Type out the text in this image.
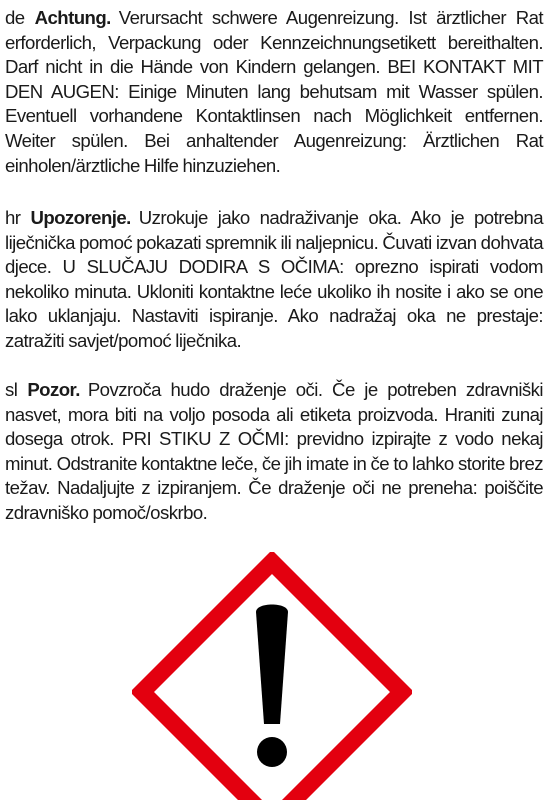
de Achtung. Verursacht schwere Augenreizung. Ist ärztlicher Rat erforderlich, Verpackung oder Kennzeichnungsetikett bereithalten. Darf nicht in die Hände von Kindern gelangen. BEI KONTAKT MIT DEN AUGEN: Einige Minuten lang behutsam mit Wasser spülen. Eventuell vorhandene Kontaktlinsen nach Möglichkeit entfernen. Weiter spülen. Bei anhaltender Augenreizung: Ärztlichen Rat einholen/ärztliche Hilfe hinzuziehen.

hr Upozorenje. Uzrokuje jako nadraživanje oka. Ako je potrebna liječnička pomoć pokazati spremnik ili naljepnicu. Čuvati izvan dohvata djece. U SLUČAJU DODIRA S OČIMA: oprezno ispirati vodom nekoliko minuta. Ukloniti kontaktne leće ukoliko ih nosite i ako se one lako uklanjaju. Nastaviti ispiranje. Ako nadražaj oka ne prestaje: zatražiti savjet/pomoć liječnika.

sl Pozor. Povzroča hudo draženje oči. Če je potreben zdravniški nasvet, mora biti na voljo posoda ali etiketa proizvoda. Hraniti zunaj dosega otrok. PRI STIKU Z OČMI: previdno izpirajte z vodo nekaj minut. Odstranite kontaktne leče, če jih imate in če to lahko storite brez težav. Nadaljujte z izpiranjem. Če draženje oči ne preneha: poiščite zdravniško pomoč/oskrbo.
